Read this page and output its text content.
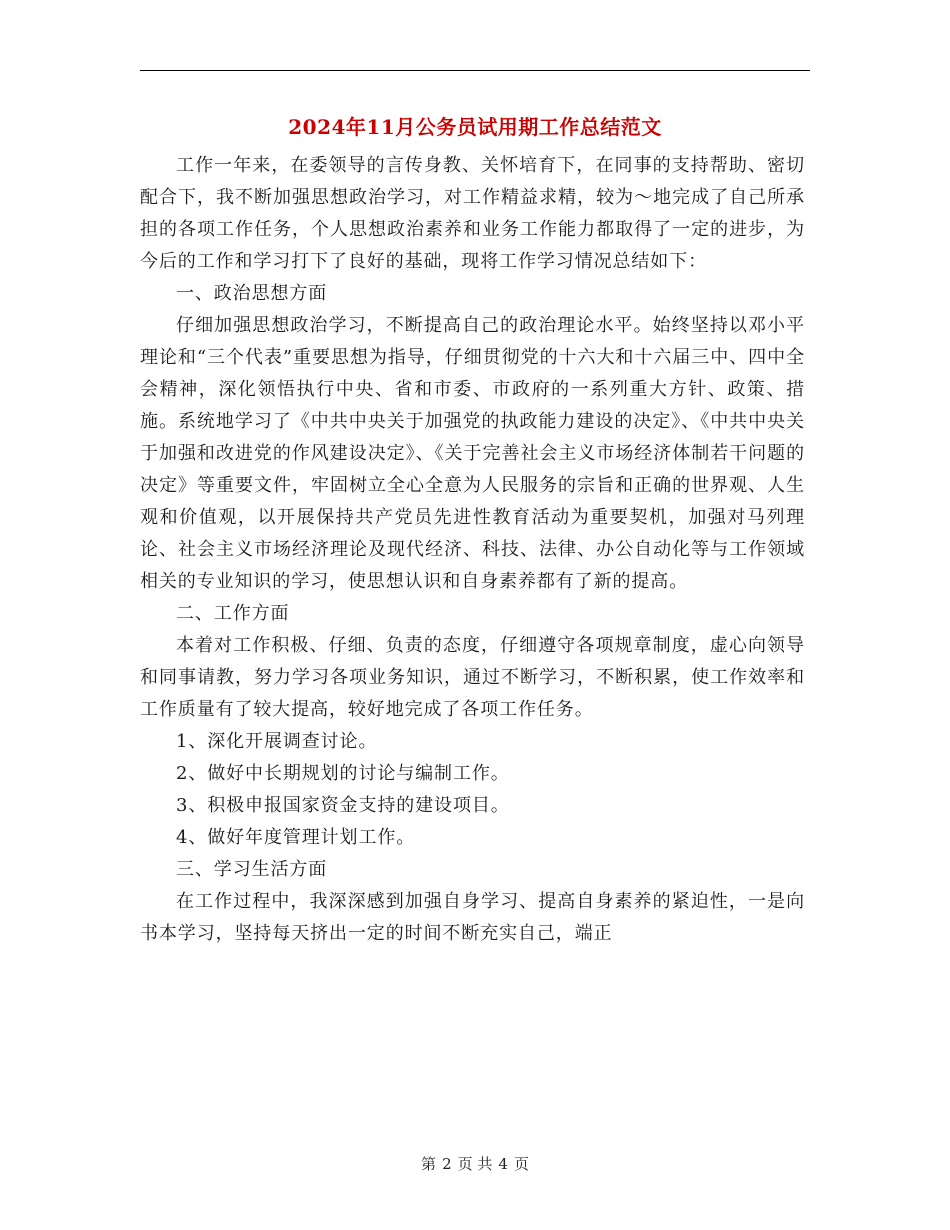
2024年11月公务员试用期工作总结范文

工作一年来，在委领导的言传身教、关怀培育下，在同事的支持帮助、密切配合下，我不断加强思想政治学习，对工作精益求精，较为～地完成了自己所承担的各项工作任务，个人思想政治素养和业务工作能力都取得了一定的进步，为今后的工作和学习打下了良好的基础，现将工作学习情况总结如下：

一、政治思想方面

仔细加强思想政治学习，不断提高自己的政治理论水平。始终坚持以邓小平理论和“三个代表”重要思想为指导，仔细贯彻党的十六大和十六届三中、四中全会精神，深化领悟执行中央、省和市委、市政府的一系列重大方针、政策、措施。系统地学习了《中共中央关于加强党的执政能力建设的决定》、《中共中央关于加强和改进党的作风建设决定》、《关于完善社会主义市场经济体制若干问题的决定》等重要文件，牢固树立全心全意为人民服务的宗旨和正确的世界观、人生观和价值观，以开展保持共产党员先进性教育活动为重要契机，加强对马列理论、社会主义市场经济理论及现代经济、科技、法律、办公自动化等与工作领域相关的专业知识的学习，使思想认识和自身素养都有了新的提高。

二、工作方面

本着对工作积极、仔细、负责的态度，仔细遵守各项规章制度，虚心向领导和同事请教，努力学习各项业务知识，通过不断学习，不断积累，使工作效率和工作质量有了较大提高，较好地完成了各项工作任务。

1、深化开展调查讨论。

2、做好中长期规划的讨论与编制工作。

3、积极申报国家资金支持的建设项目。

4、做好年度管理计划工作。

三、学习生活方面

在工作过程中，我深深感到加强自身学习、提高自身素养的紧迫性，一是向书本学习，坚持每天挤出一定的时间不断充实自己，端正

第 2 页 共 4 页
